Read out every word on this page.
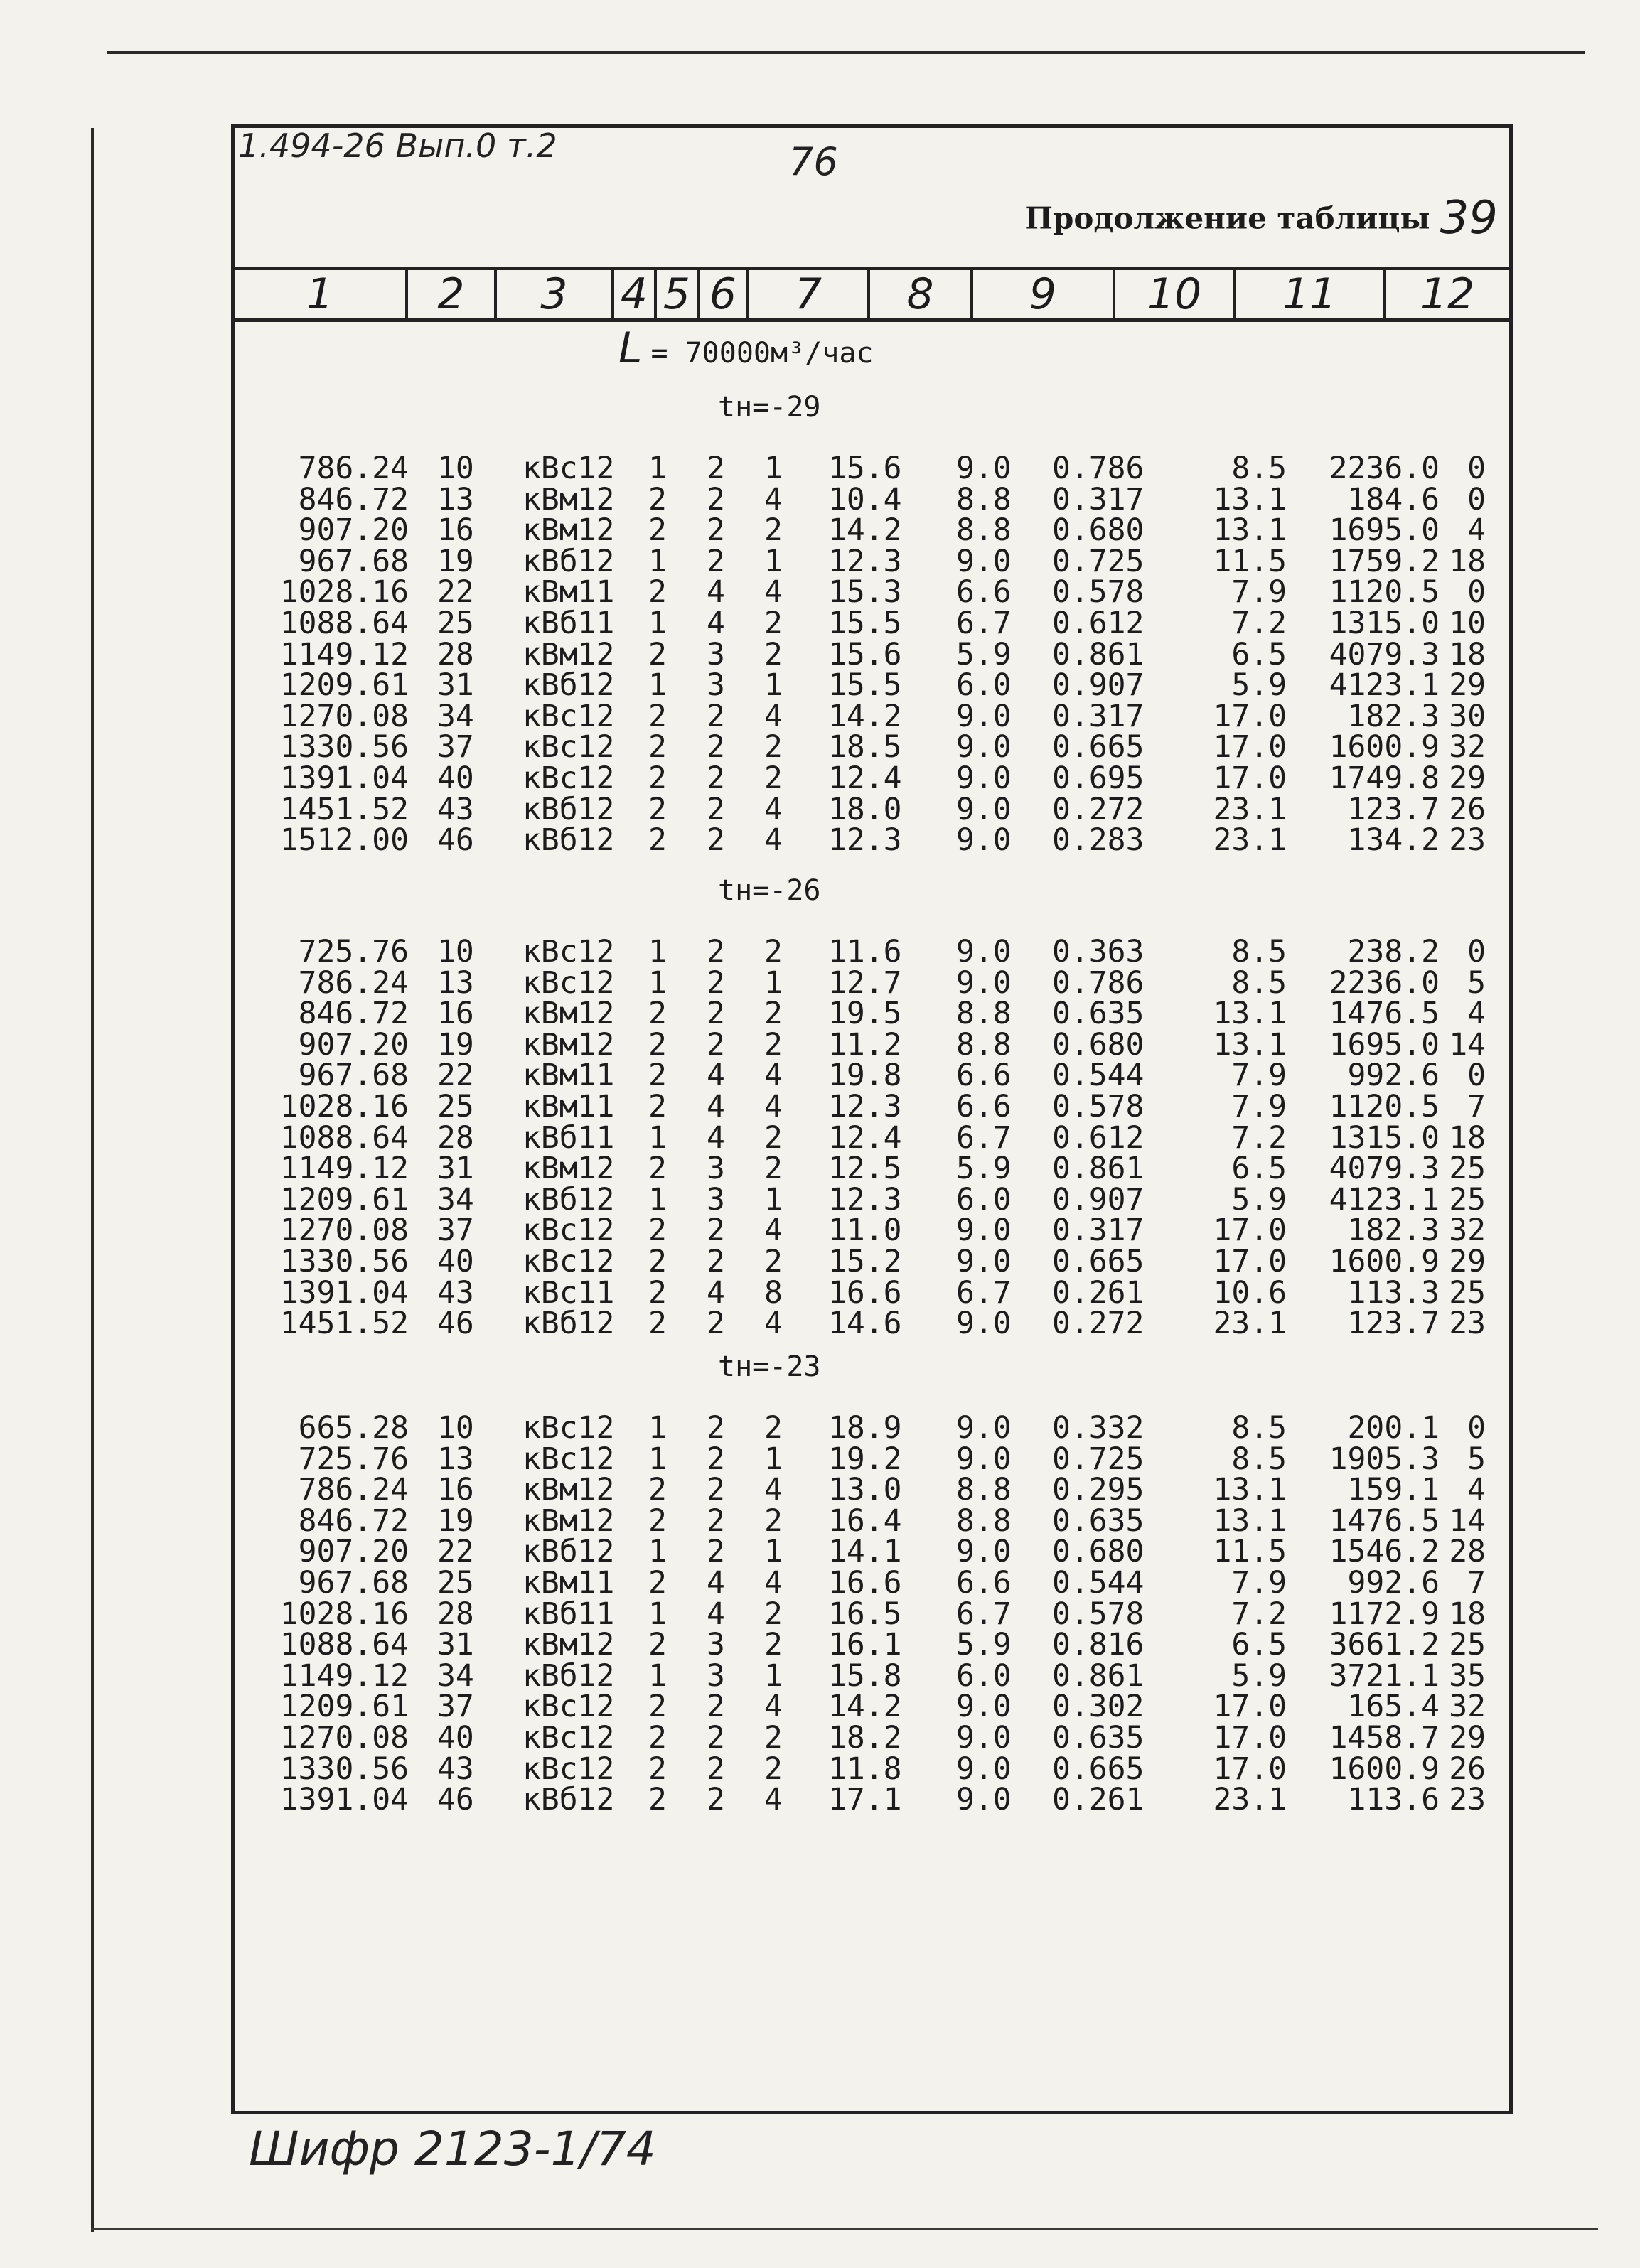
1.494-26 Вып.0 т.2	76
Продолжение таблицы 39
1	2	3	4 5 6	7	8	9	10	11	12
L = 70000м³/час
tн=-29
786.24 10 кВс12 1 2 1 15.6 9.0 0.786	8.5 2236.0 0
846.72 13 кВм12 2 2 4 10.4 8.8 0.317 13.1 184.6 0
907.20 16 кВм12 2 2 2 14.2 8.8 0.680 13.1 1695.0 4
967.68 19 кВб12 1 2 1 12.3 9.0 0.725 11.5 1759.2 18
1028.16 22 кВм11 2 4 4 15.3 6.6 0.578	7.9 1120.5 0
1088.64 25 кВб11 1 4 2 15.5 6.7 0.612	7.2 1315.0 10
1149.12 28 кВм12 2 3 2 15.6 5.9 0.861	6.5 4079.3 18
1209.61 31 кВб12 1 3 1 15.5 6.0 0.907	5.9 4123.1 29
1270.08 34 кВс12 2 2 4 14.2 9.0 0.317 17.0 182.3 30
1330.56 37 кВс12 2 2 2 18.5 9.0 0.665 17.0 1600.9 32
1391.04 40 кВс12 2 2 2 12.4 9.0 0.695 17.0 1749.8 29
1451.52 43 кВб12 2 2 4 18.0 9.0 0.272 23.1 123.7 26
1512.00 46 кВб12 2 2 4 12.3 9.0 0.283 23.1 134.2 23
tн=-26
725.76 10 кВс12 1 2 2 11.6 9.0 0.363	8.5 238.2 0
786.24 13 кВс12 1 2 1 12.7 9.0 0.786	8.5 2236.0 5
846.72 16 кВм12 2 2 2 19.5 8.8 0.635 13.1 1476.5 4
907.20 19 кВм12 2 2 2 11.2 8.8 0.680 13.1 1695.0 14
967.68 22 кВм11 2 4 4 19.8 6.6 0.544	7.9 992.6 0
1028.16 25 кВм11 2 4 4 12.3 6.6 0.578	7.9 1120.5 7
1088.64 28 кВб11 1 4 2 12.4 6.7 0.612	7.2 1315.0 18
1149.12 31 кВм12 2 3 2 12.5 5.9 0.861	6.5 4079.3 25
1209.61 34 кВб12 1 3 1 12.3 6.0 0.907	5.9 4123.1 25
1270.08 37 кВс12 2 2 4 11.0 9.0 0.317 17.0 182.3 32
1330.56 40 кВс12 2 2 2 15.2 9.0 0.665 17.0 1600.9 29
1391.04 43 кВс11 2 4 8 16.6 6.7 0.261 10.6 113.3 25
1451.52 46 кВб12 2 2 4 14.6 9.0 0.272 23.1 123.7 23
tн=-23
665.28 10 кВс12 1 2 2 18.9 9.0 0.332	8.5 200.1 0
725.76 13 кВс12 1 2 1 19.2 9.0 0.725	8.5 1905.3 5
786.24 16 кВм12 2 2 4 13.0 8.8 0.295 13.1 159.1 4
846.72 19 кВм12 2 2 2 16.4 8.8 0.635 13.1 1476.5 14
907.20 22 кВб12 1 2 1 14.1 9.0 0.680 11.5 1546.2 28
967.68 25 кВм11 2 4 4 16.6 6.6 0.544	7.9 992.6 7
1028.16 28 кВб11 1 4 2 16.5 6.7 0.578	7.2 1172.9 18
1088.64 31 кВм12 2 3 2 16.1 5.9 0.816	6.5 3661.2 25
1149.12 34 кВб12 1 3 1 15.8 6.0 0.861	5.9 3721.1 35
1209.61 37 кВс12 2 2 4 14.2 9.0 0.302 17.0 165.4 32
1270.08 40 кВс12 2 2 2 18.2 9.0 0.635 17.0 1458.7 29
1330.56 43 кВс12 2 2 2 11.8 9.0 0.665 17.0 1600.9 26
1391.04 46 кВб12 2 2 4 17.1 9.0 0.261 23.1 113.6 23
Шифр 2123-1/74
